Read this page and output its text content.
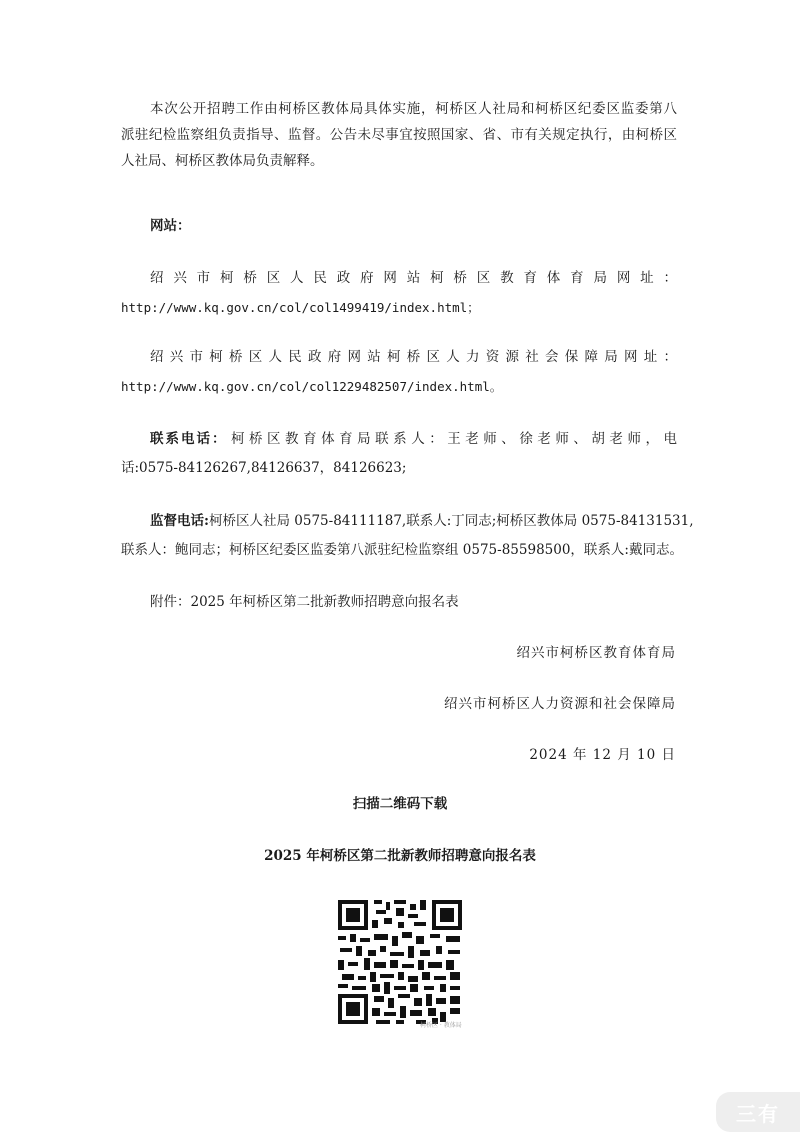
本次公开招聘工作由柯桥区教体局具体实施，柯桥区人社局和柯桥区纪委区监委第八
派驻纪检监察组负责指导、监督。公告未尽事宜按照国家、省、市有关规定执行，由柯桥区
人社局、柯桥区教体局负责解释。
网站：
绍兴市柯桥区人民政府网站柯桥区教育体育局网址：
http://www.kq.gov.cn/col/col1499419/index.html；
绍兴市柯桥区人民政府网站柯桥区人力资源社会保障局网址：
http://www.kq.gov.cn/col/col1229482507/index.html。
联系电话： 柯桥区教育体育局联系人：王老师、徐老师、胡老师，电
话:0575-84126267,84126637，84126623;
监督电话:柯桥区人社局 0575-84111187,联系人:丁同志;柯桥区教体局 0575-84131531,
联系人：鲍同志；柯桥区纪委区监委第八派驻纪检监察组 0575-85598500，联系人:戴同志。
附件：2025 年柯桥区第二批新教师招聘意向报名表
绍兴市柯桥区教育体育局
绍兴市柯桥区人力资源和社会保障局
2024 年 12 月 10 日
扫描二维码下载
2025 年柯桥区第二批新教师招聘意向报名表
柯桥区 · 教体局
三有
